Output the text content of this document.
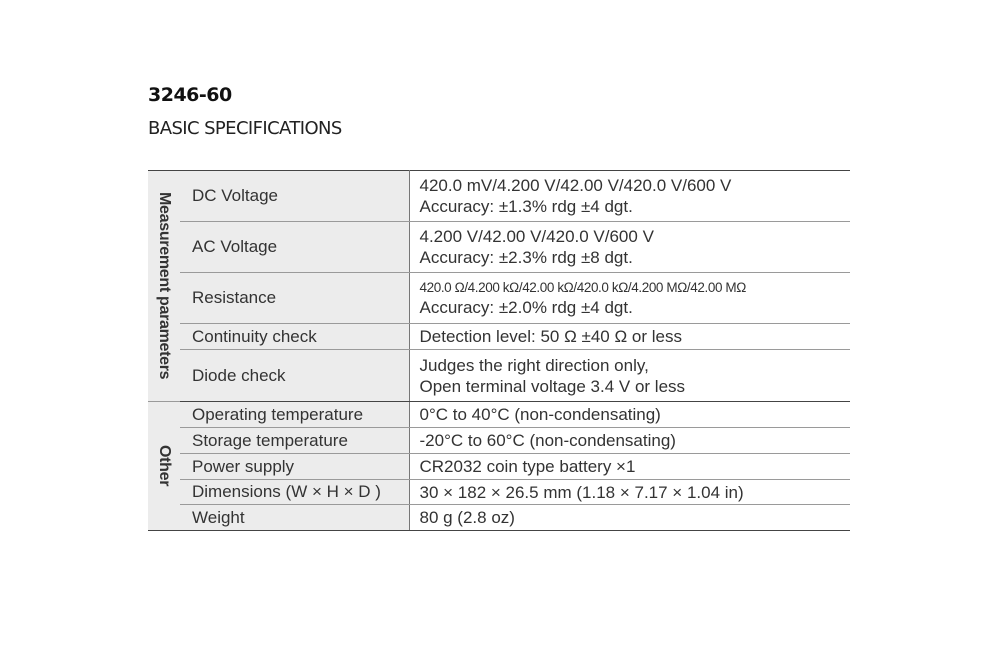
3246-60
BASIC SPECIFICATIONS
Measurement parameters	DC Voltage	420.0 mV/4.200 V/42.00 V/420.0 V/600 V
Accuracy: ±1.3% rdg ±4 dgt.

	AC Voltage	4.200 V/42.00 V/420.0 V/600 V
Accuracy: ±2.3% rdg ±8 dgt.

	Resistance	420.0 Ω/4.200 kΩ/42.00 kΩ/420.0 kΩ/4.200 MΩ/42.00 MΩ
Accuracy: ±2.0% rdg ±4 dgt.

	Continuity check	Detection level: 50 Ω ±40 Ω or less

	Diode check	Judges the right direction only,
Open terminal voltage 3.4 V or less

Other	Operating temperature	0°C to 40°C (non-condensating)

	Storage temperature	-20°C to 60°C (non-condensating)

	Power supply	CR2032 coin type battery ×1

	Dimensions (W × H × D )	30 × 182 × 26.5 mm (1.18 × 7.17 × 1.04 in)

	Weight	80 g (2.8 oz)
